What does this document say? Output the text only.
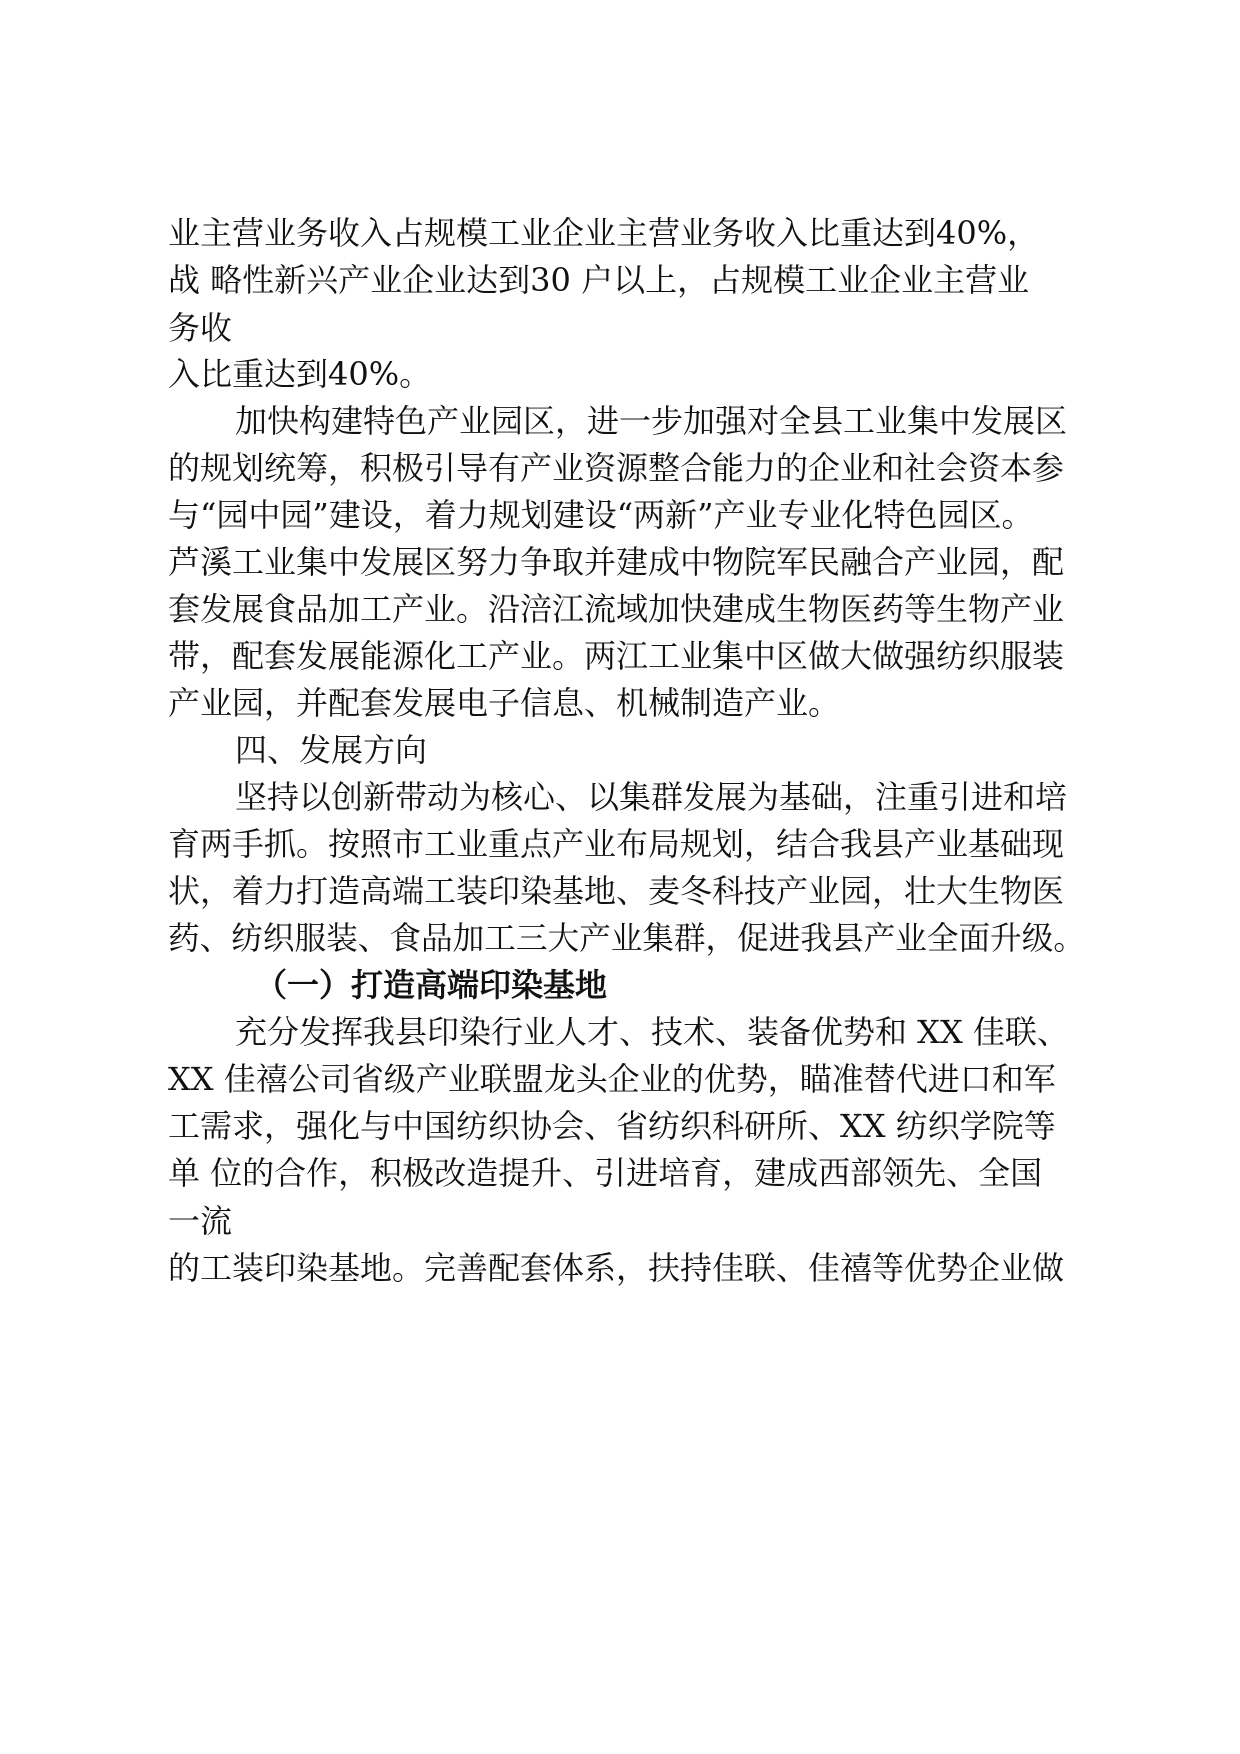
业主营业务收入占规模工业企业主营业务收入比重达到40%，
战 略性新兴产业企业达到30 户以上，占规模工业企业主营业
务收
入比重达到40%。
加快构建特色产业园区，进一步加强对全县工业集中发展区
的规划统筹，积极引导有产业资源整合能力的企业和社会资本参
与“园中园”建设，着力规划建设“两新”产业专业化特色园区。
芦溪工业集中发展区努力争取并建成中物院军民融合产业园，配
套发展食品加工产业。沿涪江流域加快建成生物医药等生物产业
带，配套发展能源化工产业。两江工业集中区做大做强纺织服装
产业园，并配套发展电子信息、机械制造产业。
四、发展方向
坚持以创新带动为核心、以集群发展为基础，注重引进和培
育两手抓。按照市工业重点产业布局规划，结合我县产业基础现
状，着力打造高端工装印染基地、麦冬科技产业园，壮大生物医
药、纺织服装、食品加工三大产业集群，促进我县产业全面升级。
（一）打造高端印染基地
充分发挥我县印染行业人才、技术、装备优势和 XX 佳联、
XX 佳禧公司省级产业联盟龙头企业的优势，瞄准替代进口和军
工需求，强化与中国纺织协会、省纺织科研所、XX 纺织学院等
单 位的合作，积极改造提升、引进培育，建成西部领先、全国
一流
的工装印染基地。完善配套体系，扶持佳联、佳禧等优势企业做
